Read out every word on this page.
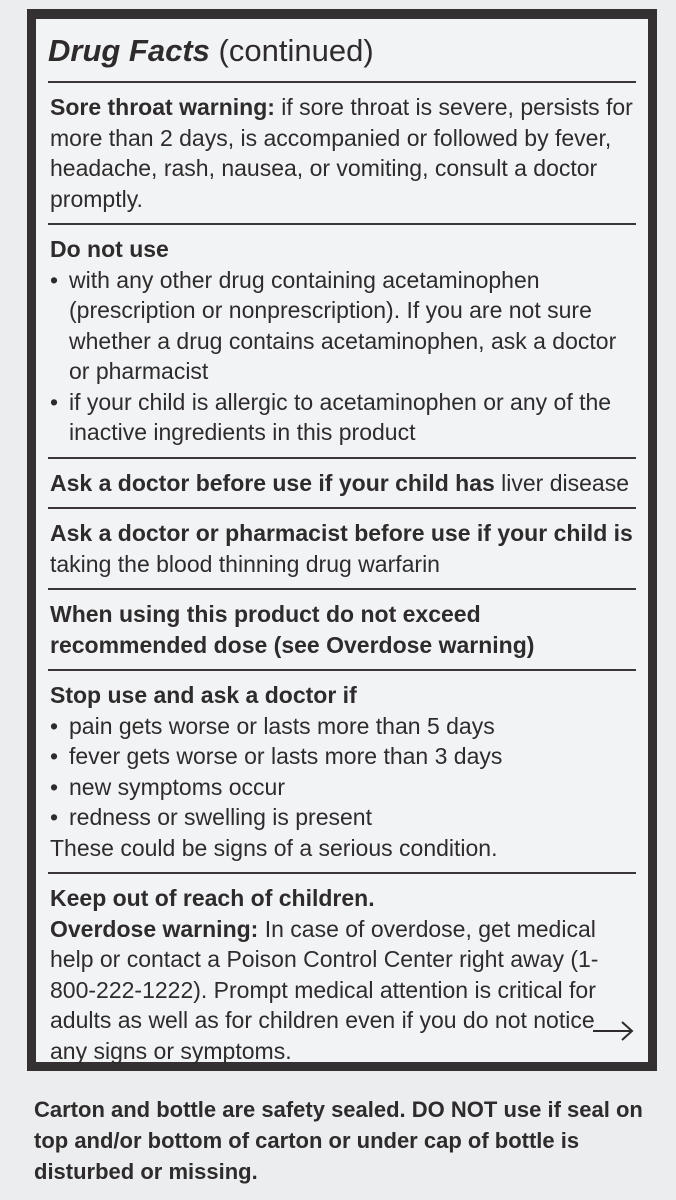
Drug Facts (continued)
Sore throat warning: if sore throat is severe, persists for more than 2 days, is accompanied or followed by fever, headache, rash, nausea, or vomiting, consult a doctor promptly.
Do not use
• with any other drug containing acetaminophen (prescription or nonprescription). If you are not sure whether a drug contains acetaminophen, ask a doctor or pharmacist
• if your child is allergic to acetaminophen or any of the inactive ingredients in this product
Ask a doctor before use if your child has liver disease
Ask a doctor or pharmacist before use if your child is
taking the blood thinning drug warfarin
When using this product do not exceed recommended dose (see Overdose warning)
Stop use and ask a doctor if
• pain gets worse or lasts more than 5 days
• fever gets worse or lasts more than 3 days
• new symptoms occur
• redness or swelling is present
These could be signs of a serious condition.
Keep out of reach of children.
Overdose warning: In case of overdose, get medical help or contact a Poison Control Center right away (1-800-222-1222). Prompt medical attention is critical for adults as well as for children even if you do not notice any signs or symptoms.
Carton and bottle are safety sealed. DO NOT use if seal on top and/or bottom of carton or under cap of bottle is disturbed or missing.
